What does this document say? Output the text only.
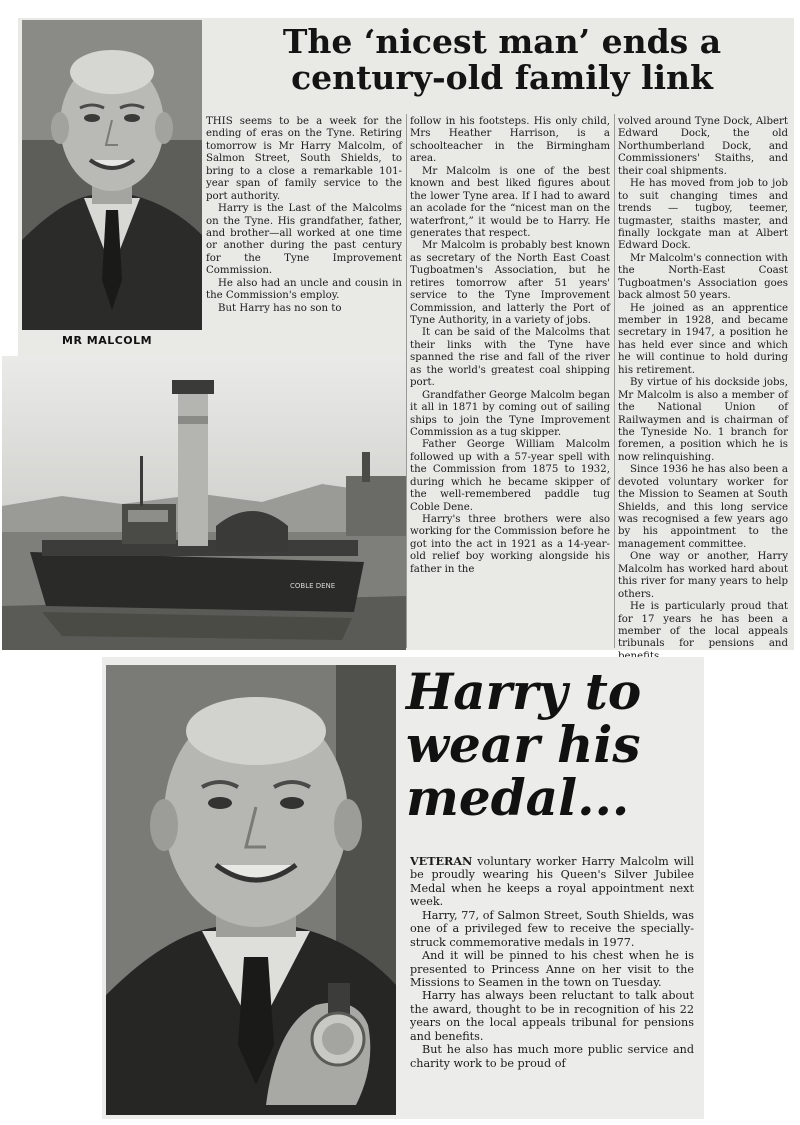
MR MALCOLM
The ‘nicest man’ ends a
century-old family link

THIS seems to be a week for the ending of eras on the Tyne. Retiring tomorrow is Mr Harry Malcolm, of Salmon Street, South Shields, to bring to a close a remarkable 101-year span of family service to the port authority.

Harry is the Last of the Malcolms on the Tyne. His grandfather, father, and brother—all worked at one time or another during the past century for the Tyne Improvement Commission.

He also had an uncle and cousin in the Commission's employ.

But Harry has no son to

follow in his footsteps. His only child, Mrs Heather Harrison, is a schoolteacher in the Birmingham area.

Mr Malcolm is one of the best known and best liked figures about the lower Tyne area. If I had to award an acolade for the “nicest man on the waterfront,” it would be to Harry. He generates that respect.

Mr Malcolm is probably best known as secretary of the North East Coast Tugboatmen's Association, but he retires tomorrow after 51 years' service to the Tyne Improvement Commission, and latterly the Port of Tyne Authority, in a variety of jobs.

It can be said of the Malcolms that their links with the Tyne have spanned the rise and fall of the river as the world's greatest coal shipping port.

Grandfather George Malcolm began it all in 1871 by coming out of sailing ships to join the Tyne Improvement Commission as a tug skipper.

Father George William Malcolm followed up with a 57-year spell with the Commission from 1875 to 1932, during which he became skipper of the well-remembered paddle tug Coble Dene.

Harry's three brothers were also working for the Commission before he got into the act in 1921 as a 14-year-old relief boy working alongside his father in the

volved around Tyne Dock, Albert Edward Dock, the old Northumberland Dock, and Commissioners' Staiths, and their coal shipments.

He has moved from job to job to suit changing times and trends — tugboy, teemer, tugmaster, staiths master, and finally lockgate man at Albert Edward Dock.

Mr Malcolm's connection with the North-East Coast Tugboatmen's Association goes back almost 50 years.

He joined as an apprentice member in 1928, and became secretary in 1947, a position he has held ever since and which he will continue to hold during his retirement.

By virtue of his dockside jobs, Mr Malcolm is also a member of the National Union of Railwaymen and is chairman of the Tyneside No. 1 branch for foremen, a position which he is now relinquishing.

Since 1936 he has also been a devoted voluntary worker for the Mission to Seamen at South Shields, and this long service was recognised a few years ago by his appointment to the management committee.

One way or another, Harry Malcolm has worked hard about this river for many years to help others.

He is particularly proud that for 17 years he has been a member of the local appeals tribunals for pensions and

COBLE DENE
Harry to
wear his
medal...

VETERAN voluntary worker Harry Malcolm will be proudly wearing his Queen's Silver Jubilee Medal when he keeps a royal appointment next week.

Harry, 77, of Salmon Street, South Shields, was one of a privileged few to receive the specially-struck commemorative medals in 1977.

And it will be pinned to his chest when he is presented to Princess Anne on her visit to the Missions to Seamen in the town on Tuesday.

Harry has always been reluctant to talk about the award, thought to be in recognition of his 22 years on the local appeals tribunal for pensions and benefits.

But he also has much more public service and charity work to be proud of
